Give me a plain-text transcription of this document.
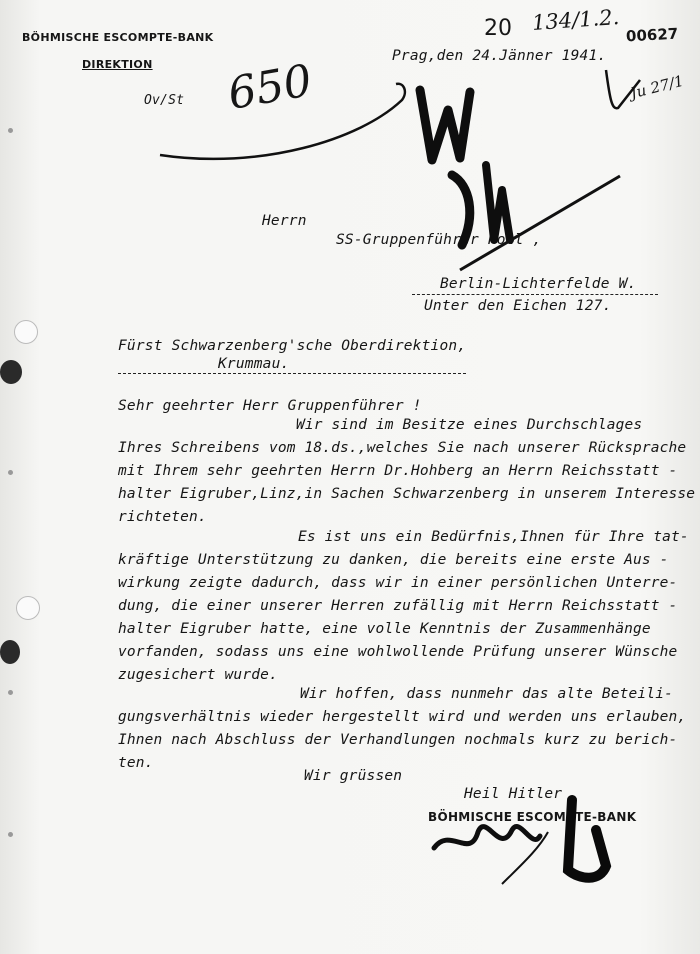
BÖHMISCHE ESCOMPTE-BANK
DIREKTION
Ov/St
20 134/1.2. 00627
650	Ju 27/1
Prag,den 24.Jänner 1941.
Herrn
SS-Gruppenführer Pohl ,
Berlin-Lichterfelde W.
Unter den Eichen 127.
Fürst Schwarzenberg'sche Oberdirektion,
Krummau.
Sehr geehrter Herr Gruppenführer !
Wir sind im Besitze eines Durchschlages
Ihres Schreibens vom 18.ds.,welches Sie nach unserer Rücksprache
mit Ihrem sehr geehrten Herrn Dr.Hohberg an Herrn Reichsstatt -
halter Eigruber,Linz,in Sachen Schwarzenberg in unserem Interesse
richteten.
Es ist uns ein Bedürfnis,Ihnen für Ihre tat-
kräftige Unterstützung zu danken, die bereits eine erste Aus -
wirkung zeigte dadurch, dass wir in einer persönlichen Unterre-
dung, die einer unserer Herren zufällig mit Herrn Reichsstatt -
halter Eigruber hatte, eine volle Kenntnis der Zusammenhänge
vorfanden, sodass uns eine wohlwollende Prüfung unserer Wünsche
zugesichert wurde.
Wir hoffen, dass nunmehr das alte Beteili-
gungsverhältnis wieder hergestellt wird und werden uns erlauben,
Ihnen nach Abschluss der Verhandlungen nochmals kurz zu berich-
ten.
Wir grüssen
Heil Hitler
BÖHMISCHE ESCOMPTE-BANK
